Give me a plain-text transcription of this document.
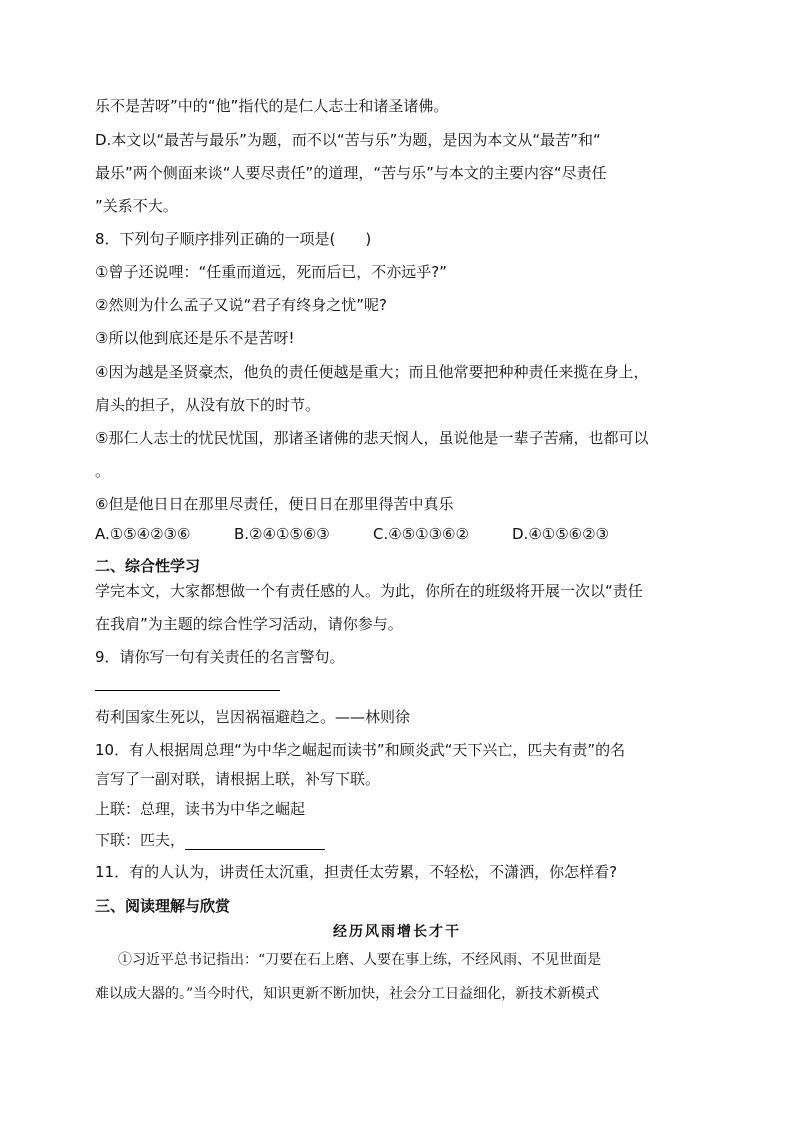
乐不是苦呀”中的“他”指代的是仁人志士和诸圣诸佛。
D.本文以“最苦与最乐”为题，而不以“苦与乐”为题，是因为本文从“最苦”和“
最乐”两个侧面来谈“人要尽责任”的道理，“苦与乐”与本文的主要内容“尽责任
”关系不大。
8．下列句子顺序排列正确的一项是(　　)
①曾子还说哩：“任重而道远，死而后已，不亦远乎?”
②然则为什么孟子又说“君子有终身之忧”呢?
③所以他到底还是乐不是苦呀!
④因为越是圣贤豪杰，他负的责任便越是重大；而且他常要把种种责任来揽在身上，
肩头的担子，从没有放下的时节。
⑤那仁人志士的忧民忧国，那诸圣诸佛的悲天悯人，虽说他是一辈子苦痛，也都可以
。
⑥但是他日日在那里尽责任，便日日在那里得苦中真乐
A.①⑤④②③⑥	B.②④①⑤⑥③	C.④⑤①③⑥②	D.④①⑤⑥②③
二、综合性学习
学完本文，大家都想做一个有责任感的人。为此，你所在的班级将开展一次以“责任
在我肩”为主题的综合性学习活动，请你参与。
9．请你写一句有关责任的名言警句。
苟利国家生死以，岂因祸福避趋之。——林则徐
10．有人根据周总理“为中华之崛起而读书”和顾炎武“天下兴亡，匹夫有责”的名
言写了一副对联，请根据上联，补写下联。
上联：总理，读书为中华之崛起
下联：匹夫，
11．有的人认为，讲责任太沉重，担责任太劳累，不轻松，不潇洒，你怎样看?
三、阅读理解与欣赏
经历风雨增长才干
①习近平总书记指出：“刀要在石上磨、人要在事上练，不经风雨、不见世面是
难以成大器的。”当今时代，知识更新不断加快，社会分工日益细化，新技术新模式
